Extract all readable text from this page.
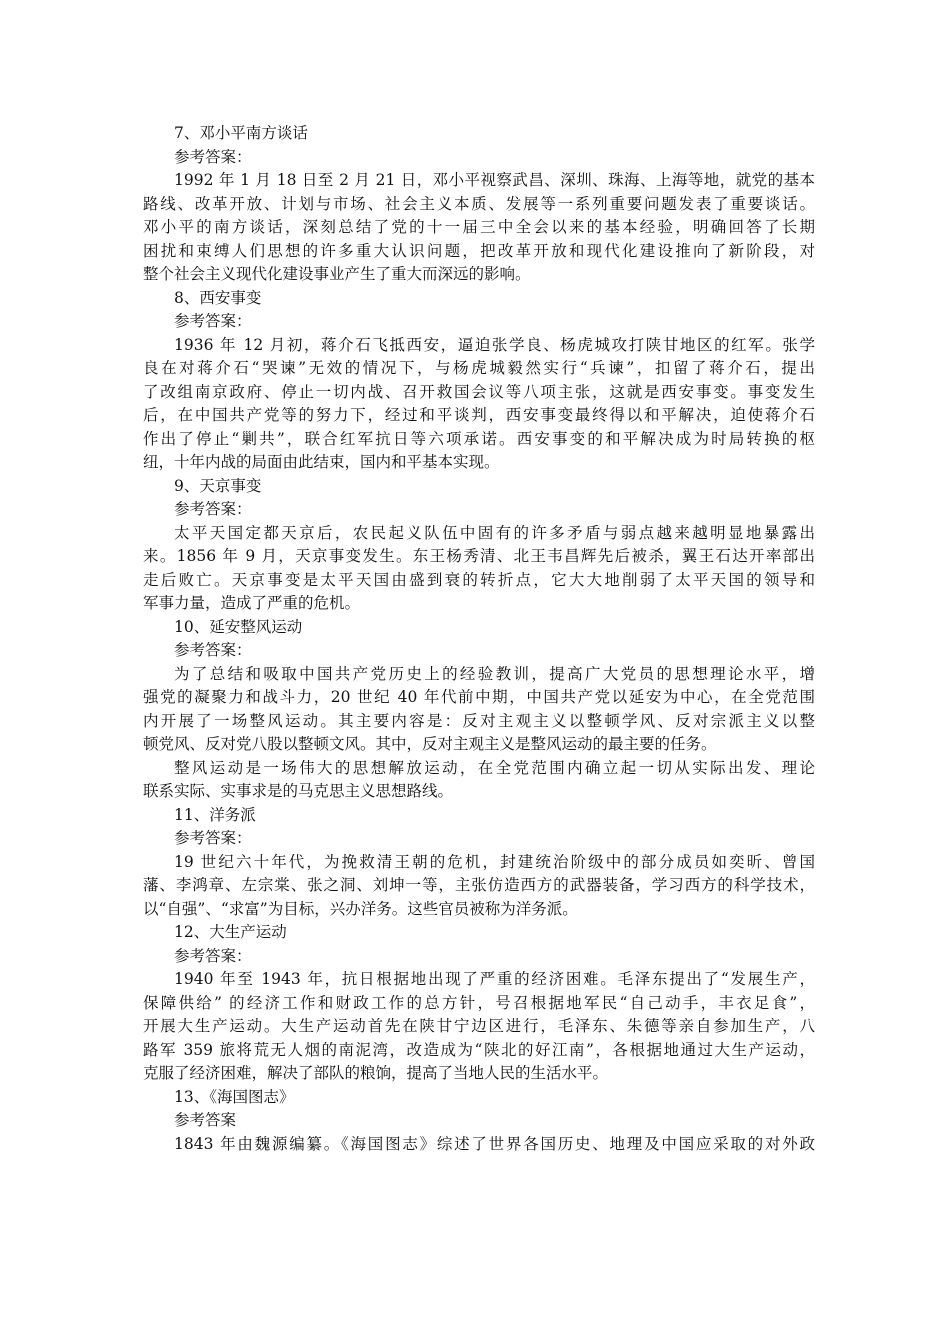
7、邓小平南方谈话
参考答案：
1992 年 1 月 18 日至 2 月 21 日，邓小平视察武昌、深圳、珠海、上海等地，就党的基本
路线、改革开放、计划与市场、社会主义本质、发展等一系列重要问题发表了重要谈话。
邓小平的南方谈话，深刻总结了党的十一届三中全会以来的基本经验，明确回答了长期
困扰和束缚人们思想的许多重大认识问题，把改革开放和现代化建设推向了新阶段，对
整个社会主义现代化建设事业产生了重大而深远的影响。
8、西安事变
参考答案：
1936 年 12 月初，蒋介石飞抵西安，逼迫张学良、杨虎城攻打陕甘地区的红军。张学
良在对蒋介石“哭谏”无效的情况下，与杨虎城毅然实行“兵谏”，扣留了蒋介石，提出
了改组南京政府、停止一切内战、召开救国会议等八项主张，这就是西安事变。事变发生
后，在中国共产党等的努力下，经过和平谈判，西安事变最终得以和平解决，迫使蒋介石
作出了停止“剿共”，联合红军抗日等六项承诺。西安事变的和平解决成为时局转换的枢
纽，十年内战的局面由此结束，国内和平基本实现。
9、天京事变
参考答案：
太平天国定都天京后，农民起义队伍中固有的许多矛盾与弱点越来越明显地暴露出
来。1856 年 9 月，天京事变发生。东王杨秀清、北王韦昌辉先后被杀，翼王石达开率部出
走后败亡。天京事变是太平天国由盛到衰的转折点，它大大地削弱了太平天国的领导和
军事力量，造成了严重的危机。
10、延安整风运动
参考答案：
为了总结和吸取中国共产党历史上的经验教训，提高广大党员的思想理论水平，增
强党的凝聚力和战斗力，20 世纪 40 年代前中期，中国共产党以延安为中心，在全党范围
内开展了一场整风运动。其主要内容是：反对主观主义以整顿学风、反对宗派主义以整
顿党风、反对党八股以整顿文风。其中，反对主观主义是整风运动的最主要的任务。
整风运动是一场伟大的思想解放运动，在全党范围内确立起一切从实际出发、理论
联系实际、实事求是的马克思主义思想路线。
11、洋务派
参考答案：
19 世纪六十年代，为挽救清王朝的危机，封建统治阶级中的部分成员如奕昕、曾国
藩、李鸿章、左宗棠、张之洞、刘坤一等，主张仿造西方的武器装备，学习西方的科学技术，
以“自强”、“求富”为目标，兴办洋务。这些官员被称为洋务派。
12、大生产运动
参考答案：
1940 年至 1943 年，抗日根据地出现了严重的经济困难。毛泽东提出了“发展生产，
保障供给” 的经济工作和财政工作的总方针，号召根据地军民“自己动手，丰衣足食”，
开展大生产运动。大生产运动首先在陕甘宁边区进行，毛泽东、朱德等亲自参加生产，八
路军 359 旅将荒无人烟的南泥湾，改造成为“陕北的好江南”，各根据地通过大生产运动，
克服了经济困难，解决了部队的粮饷，提高了当地人民的生活水平。
13、《海国图志》
参考答案
1843 年由魏源编纂。《海国图志》综述了世界各国历史、地理及中国应采取的对外政
